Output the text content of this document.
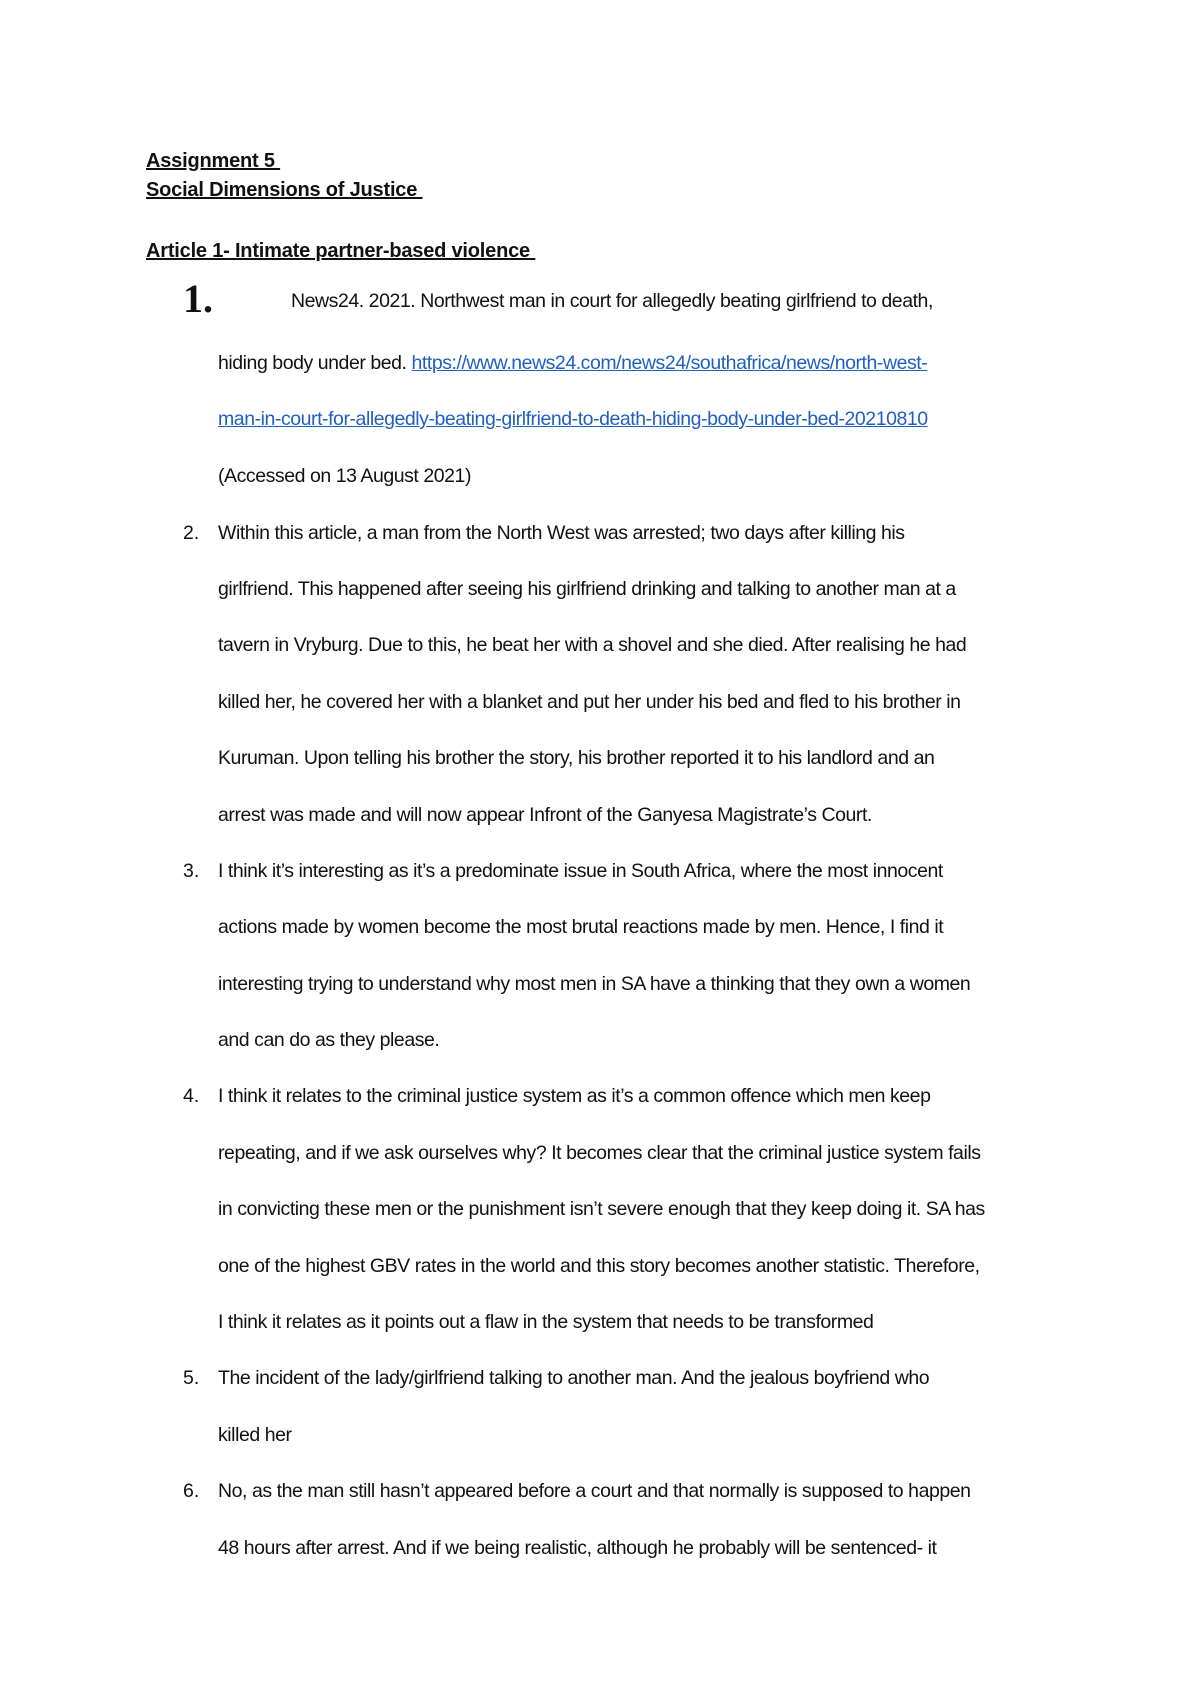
Assignment 5
Social Dimensions of Justice
Article 1- Intimate partner-based violence
1.	News24. 2021. Northwest man in court for allegedly beating girlfriend to death,
hiding body under bed. https://www.news24.com/news24/southafrica/news/north-west-
man-in-court-for-allegedly-beating-girlfriend-to-death-hiding-body-under-bed-20210810
(Accessed on 13 August 2021)
2. Within this article, a man from the North West was arrested; two days after killing his
girlfriend. This happened after seeing his girlfriend drinking and talking to another man at a
tavern in Vryburg. Due to this, he beat her with a shovel and she died. After realising he had
killed her, he covered her with a blanket and put her under his bed and fled to his brother in
Kuruman. Upon telling his brother the story, his brother reported it to his landlord and an
arrest was made and will now appear Infront of the Ganyesa Magistrate’s Court.
3. I think it’s interesting as it’s a predominate issue in South Africa, where the most innocent
actions made by women become the most brutal reactions made by men. Hence, I find it
interesting trying to understand why most men in SA have a thinking that they own a women
and can do as they please.
4. I think it relates to the criminal justice system as it’s a common offence which men keep
repeating, and if we ask ourselves why? It becomes clear that the criminal justice system fails
in convicting these men or the punishment isn’t severe enough that they keep doing it. SA has
one of the highest GBV rates in the world and this story becomes another statistic. Therefore,
I think it relates as it points out a flaw in the system that needs to be transformed
5. The incident of the lady/girlfriend talking to another man. And the jealous boyfriend who
killed her
6. No, as the man still hasn’t appeared before a court and that normally is supposed to happen
48 hours after arrest. And if we being realistic, although he probably will be sentenced- it
